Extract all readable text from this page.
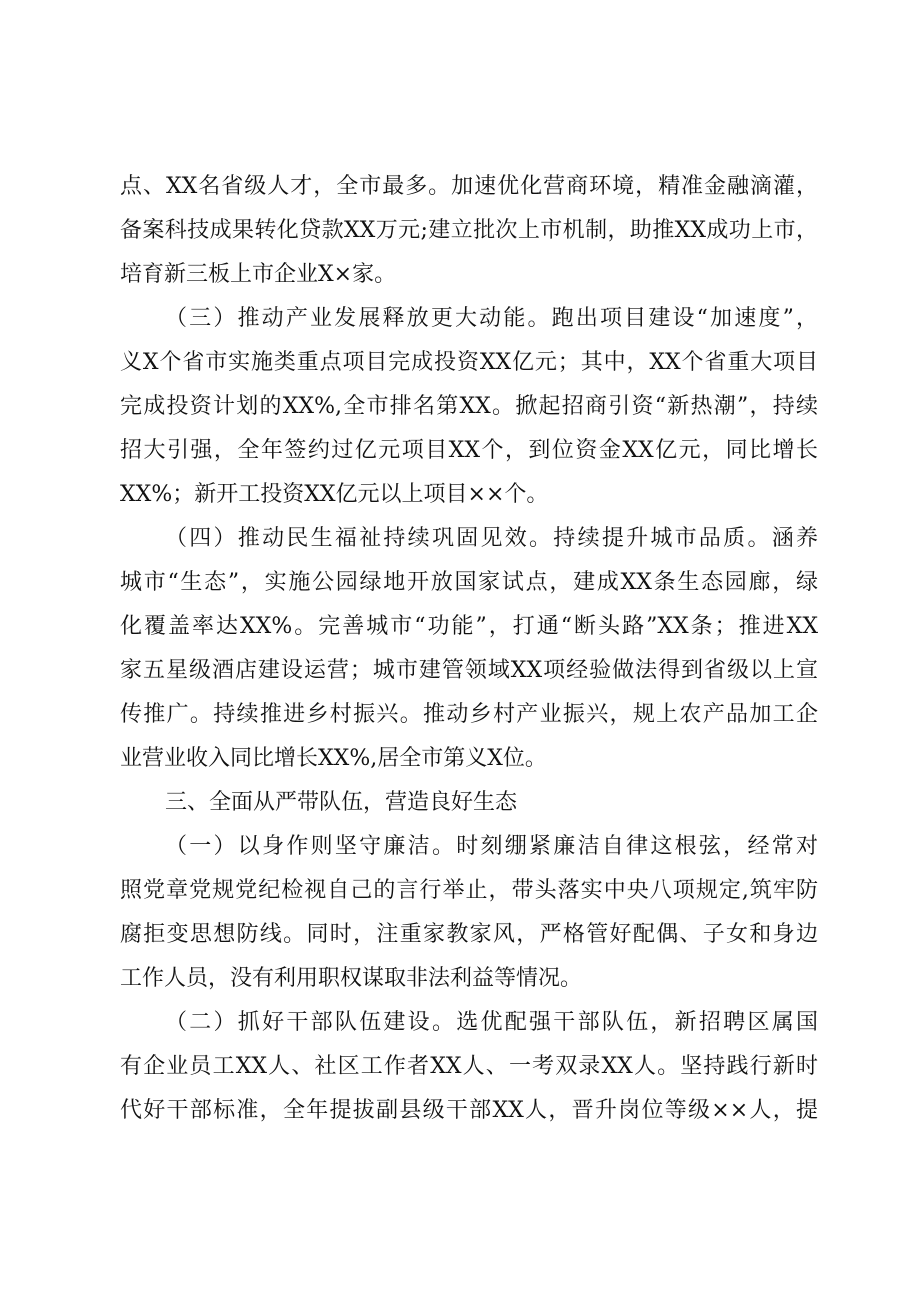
点、XX名省级人才，全市最多。加速优化营商环境，精准金融滴灌，
备案科技成果转化贷款XX万元;建立批次上市机制，助推XX成功上市，
培育新三板上市企业X×家。
（三）推动产业发展释放更大动能。跑出项目建设“加速度”，
义X个省市实施类重点项目完成投资XX亿元；其中，XX个省重大项目
完成投资计划的XX%,全市排名第XX。掀起招商引资“新热潮”，持续
招大引强，全年签约过亿元项目XX个，到位资金XX亿元，同比增长
XX%；新开工投资XX亿元以上项目××个。
（四）推动民生福祉持续巩固见效。持续提升城市品质。涵养
城市“生态”，实施公园绿地开放国家试点，建成XX条生态园廊，绿
化覆盖率达XX%。完善城市“功能”，打通“断头路”XX条；推进XX
家五星级酒店建设运营；城市建管领域XX项经验做法得到省级以上宣
传推广。持续推进乡村振兴。推动乡村产业振兴，规上农产品加工企
业营业收入同比增长XX%,居全市第义X位。
三、全面从严带队伍，营造良好生态
（一）以身作则坚守廉洁。时刻绷紧廉洁自律这根弦，经常对
照党章党规党纪检视自己的言行举止，带头落实中央八项规定,筑牢防
腐拒变思想防线。同时，注重家教家风，严格管好配偶、子女和身边
工作人员，没有利用职权谋取非法利益等情况。
（二）抓好干部队伍建设。选优配强干部队伍，新招聘区属国
有企业员工XX人、社区工作者XX人、一考双录XX人。坚持践行新时
代好干部标准，全年提拔副县级干部XX人，晋升岗位等级××人，提
